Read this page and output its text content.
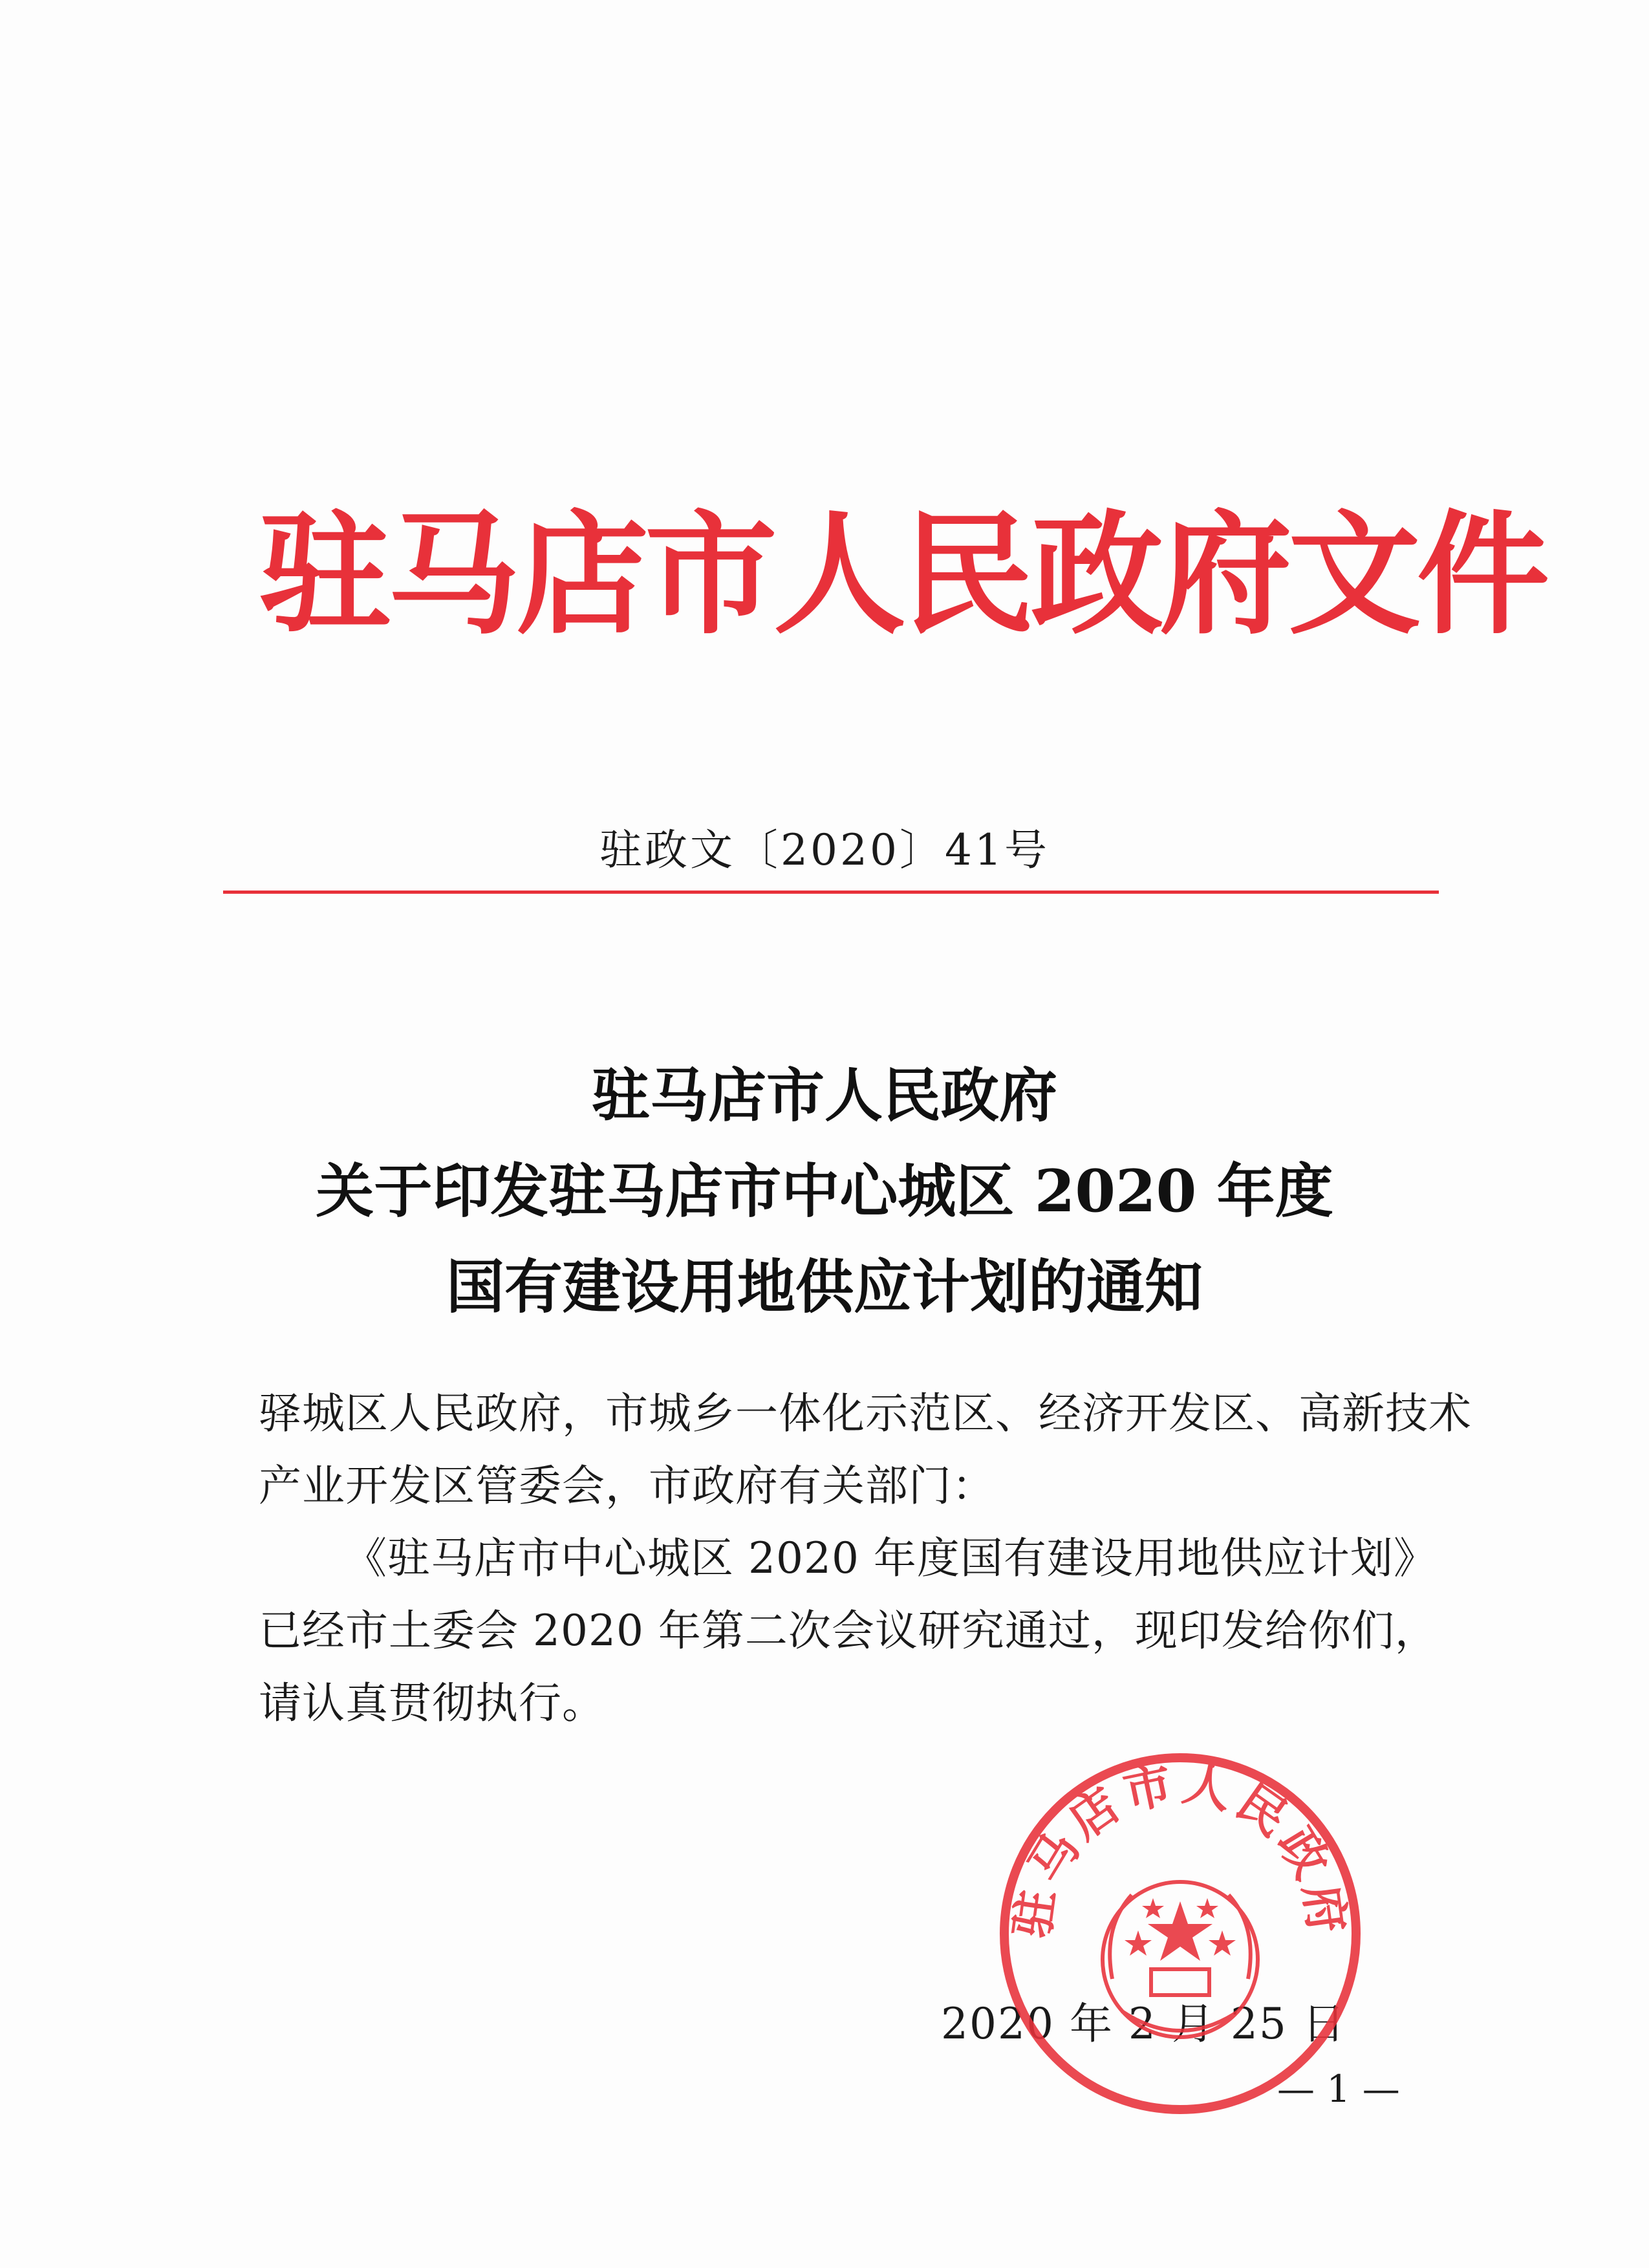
驻马店市人民政府文件
驻政文〔2020〕41号
驻马店市人民政府
关于印发驻马店市中心城区 2020 年度
国有建设用地供应计划的通知

驿城区人民政府，市城乡一体化示范区、经济开发区、高新技术产业开发区管委会，市政府有关部门：

《驻马店市中心城区 2020 年度国有建设用地供应计划》已经市土委会 2020 年第二次会议研究通过，现印发给你们，请认真贯彻执行。

2020 年 2 月 25 日
驻马店市人民政府
— 1 —
